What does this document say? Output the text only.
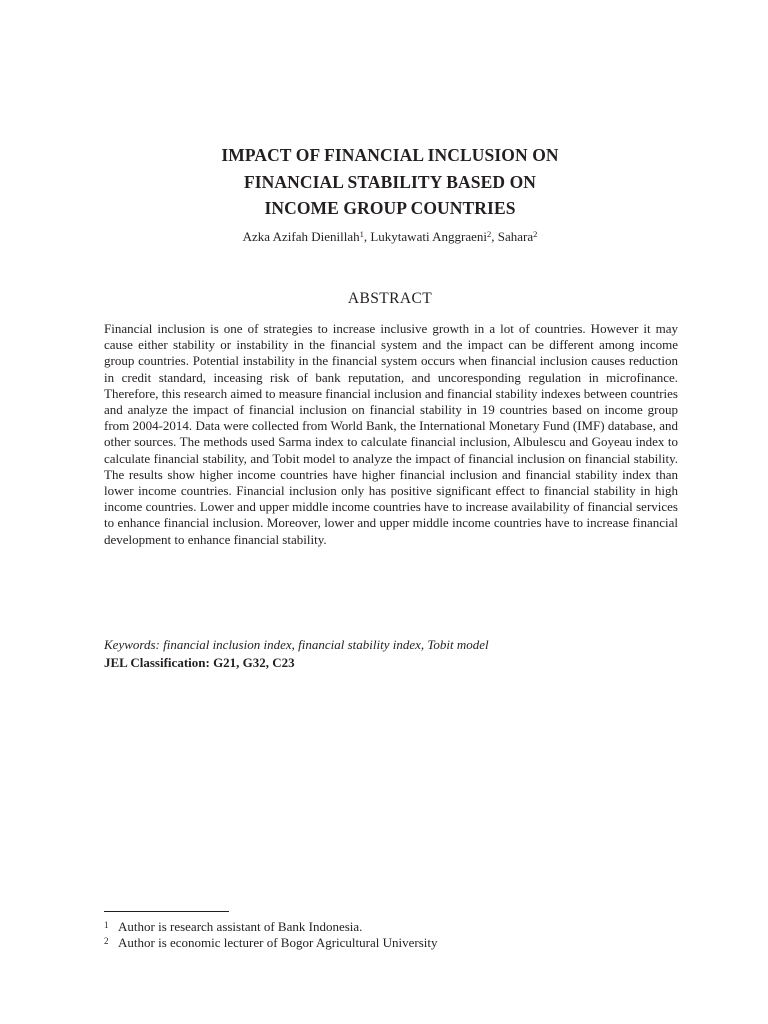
IMPACT OF FINANCIAL INCLUSION ON
FINANCIAL STABILITY BASED ON
INCOME GROUP COUNTRIES

Azka Azifah Dienillah$^1$, Lukytawati Anggraeni$^2$, Sahara$^2$

ABSTRACT

Financial inclusion is one of strategies to increase inclusive growth in a lot of countries. However it may cause either stability or instability in the financial system and the impact can be different among income group countries. Potential instability in the financial system occurs when financial inclusion causes reduction in credit standard, inceasing risk of bank reputation, and uncoresponding regulation in microfinance. Therefore, this research aimed to measure financial inclusion and financial stability indexes between countries and analyze the impact of financial inclusion on financial stability in 19 countries based on income group from 2004-2014. Data were collected from World Bank, the International Monetary Fund (IMF) database, and other sources. The methods used Sarma index to calculate financial inclusion, Albulescu and Goyeau index to calculate financial stability, and Tobit model to analyze the impact of financial inclusion on financial stability. The results show higher income countries have higher financial inclusion and financial stability index than lower income countries. Financial inclusion only has positive significant effect to financial stability in high income countries. Lower and upper middle income countries have to increase availability of financial services to enhance financial inclusion. Moreover, lower and upper middle income countries have to increase financial development to enhance financial stability.

Keywords: financial inclusion index, financial stability index, Tobit model

JEL Classification: G21, G32, C23

1 Author is research assistant of Bank Indonesia.
2 Author is economic lecturer of Bogor Agricultural University
